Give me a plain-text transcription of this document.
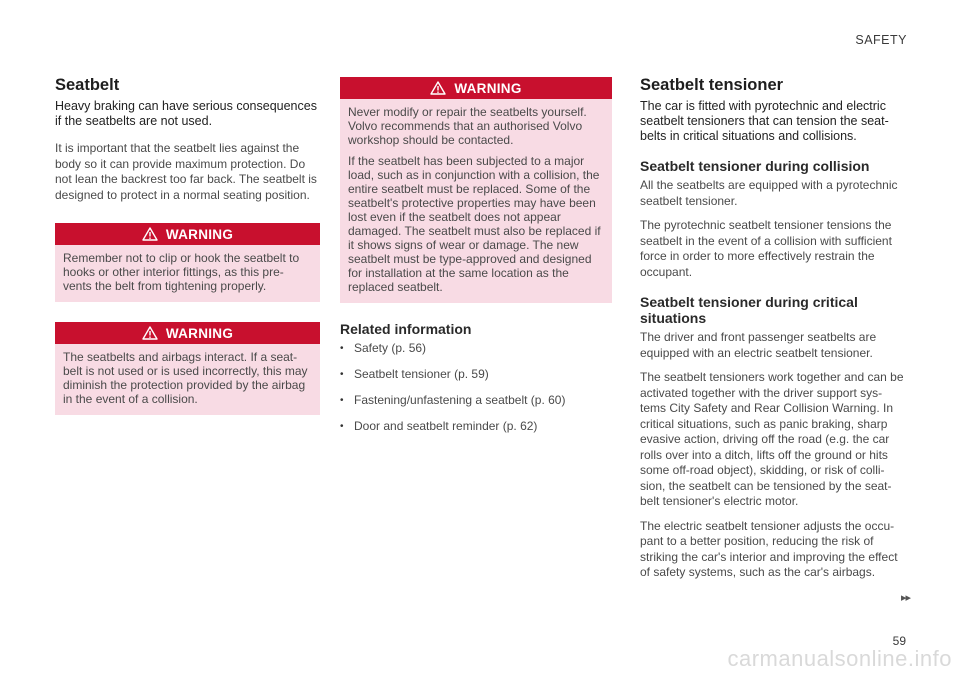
SAFETY
Seatbelt

Heavy braking can have serious consequences if the seatbelts are not used.

It is important that the seatbelt lies against the body so it can provide maximum protection. Do not lean the backrest too far back. The seatbelt is designed to protect in a normal seating position.

WARNING

Remember not to clip or hook the seatbelt to hooks or other interior fittings, as this pre-vents the belt from tightening properly.

WARNING

The seatbelts and airbags interact. If a seat-belt is not used or is used incorrectly, this may diminish the protection provided by the airbag in the event of a collision.

WARNING

Never modify or repair the seatbelts yourself. Volvo recommends that an authorised Volvo workshop should be contacted.

If the seatbelt has been subjected to a major load, such as in conjunction with a collision, the entire seatbelt must be replaced. Some of the seatbelt's protective properties may have been lost even if the seatbelt does not appear damaged. The seatbelt must also be replaced if it shows signs of wear or damage. The new seatbelt must be type-approved and designed for installation at the same location as the replaced seatbelt.

Related information
• Safety (p. 56)
• Seatbelt tensioner (p. 59)
• Fastening/unfastening a seatbelt (p. 60)
• Door and seatbelt reminder (p. 62)
Seatbelt tensioner

The car is fitted with pyrotechnic and electric seatbelt tensioners that can tension the seat-belts in critical situations and collisions.

Seatbelt tensioner during collision

All the seatbelts are equipped with a pyrotechnic seatbelt tensioner.

The pyrotechnic seatbelt tensioner tensions the seatbelt in the event of a collision with sufficient force in order to more effectively restrain the occupant.

Seatbelt tensioner during critical situations

The driver and front passenger seatbelts are equipped with an electric seatbelt tensioner.

The seatbelt tensioners work together and can be activated together with the driver support sys-tems City Safety and Rear Collision Warning. In critical situations, such as panic braking, sharp evasive action, driving off the road (e.g. the car rolls over into a ditch, lifts off the ground or hits some off-road object), skidding, or risk of colli-sion, the seatbelt can be tensioned by the seat-belt tensioner's electric motor.

The electric seatbelt tensioner adjusts the occu-pant to a better position, reducing the risk of striking the car's interior and improving the effect of safety systems, such as the car's airbags.

▸▸
59
carmanualsonline.info
